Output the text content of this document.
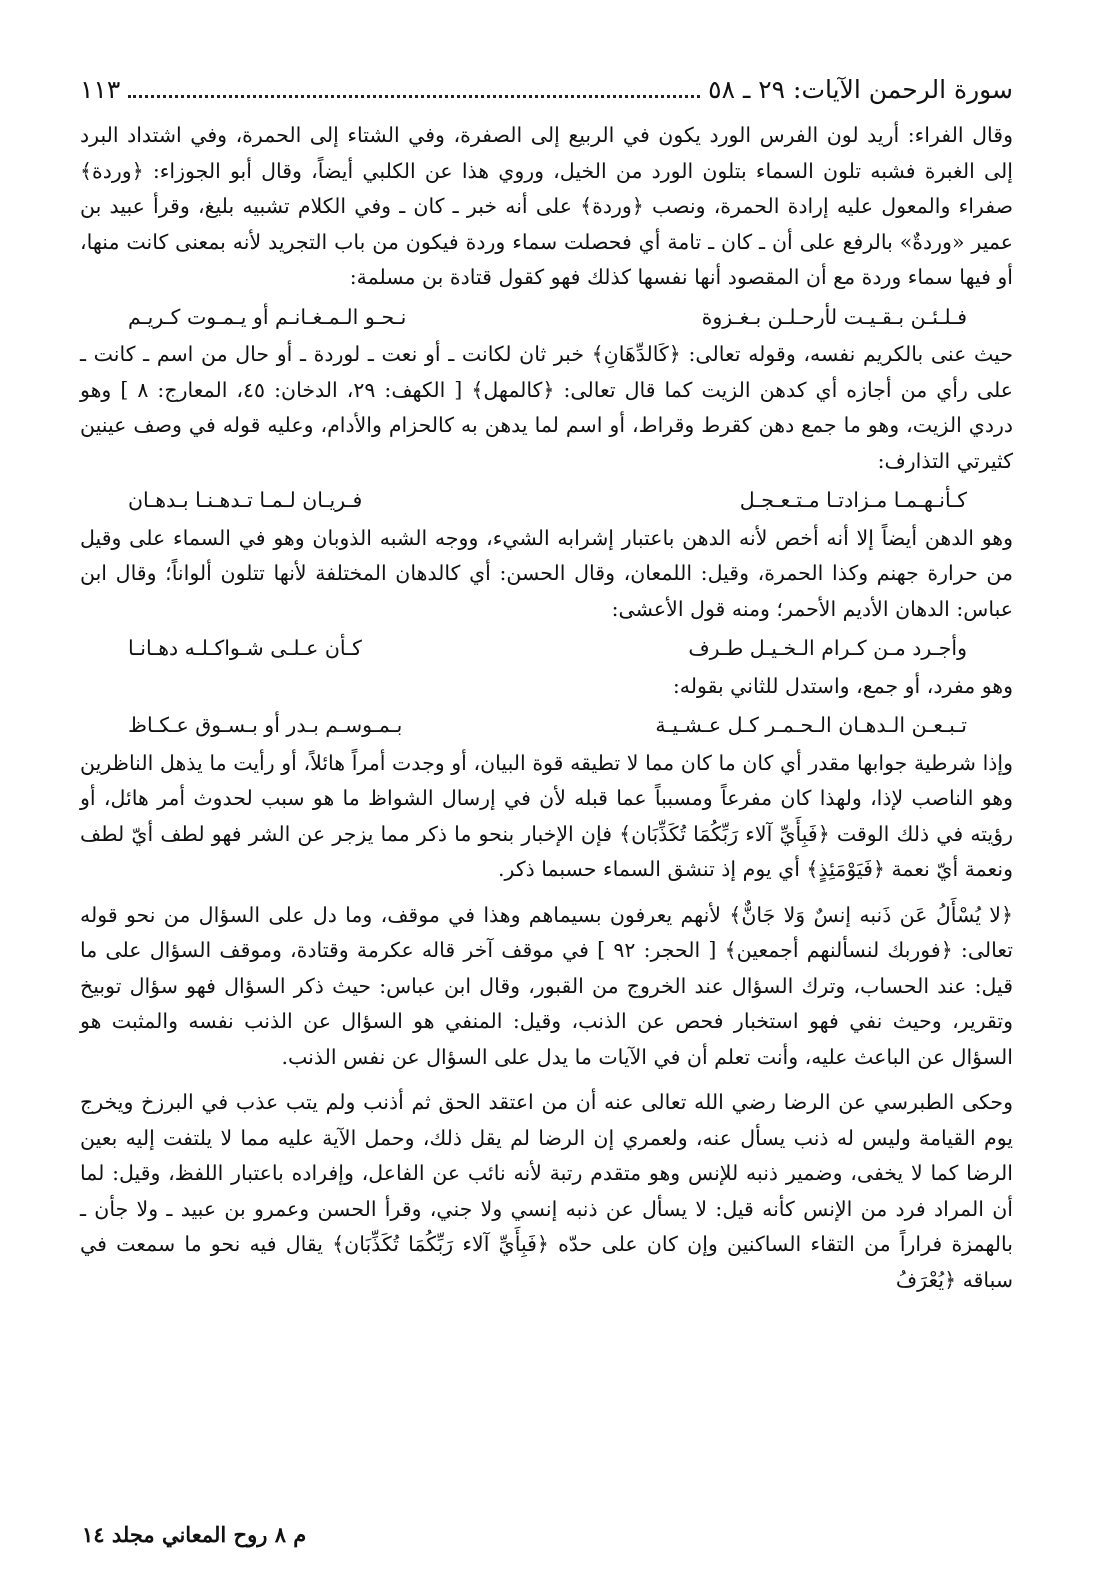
سورة الرحمن الآيات: ٢٩ ـ ٥٨
١١٣

وقال الفراء: أريد لون الفرس الورد يكون في الربيع إلى الصفرة، وفي الشتاء إلى الحمرة، وفي اشتداد البرد إلى الغبرة فشبه تلون السماء بتلون الورد من الخيل، وروي هذا عن الكلبي أيضاً، وقال أبو الجوزاء: ﴿وردة﴾ صفراء والمعول عليه إرادة الحمرة، ونصب ﴿وردة﴾ على أنه خبر ـ كان ـ وفي الكلام تشبيه بليغ، وقرأ عبيد بن عمير «وردةٌ» بالرفع على أن ـ كان ـ تامة أي فحصلت سماء وردة فيكون من باب التجريد لأنه بمعنى كانت منها، أو فيها سماء وردة مع أن المقصود أنها نفسها كذلك فهو كقول قتادة بن مسلمة:

فـلـئـن بـقـيـت لأرحـلـن بـغـزوة
نـحـو الـمـغـانـم أو يـمـوت كـريـم

حيث عنى بالكريم نفسه، وقوله تعالى: ﴿كَالدِّهَانِ﴾ خبر ثان لكانت ـ أو نعت ـ لوردة ـ أو حال من اسم ـ كانت ـ على رأي من أجازه أي كدهن الزيت كما قال تعالى: ﴿كالمهل﴾ [ الكهف: ٢٩، الدخان: ٤٥، المعارج: ٨ ] وهو دردي الزيت، وهو ما جمع دهن كقرط وقراط، أو اسم لما يدهن به كالحزام والأدام، وعليه قوله في وصف عينين كثيرتي التذارف:

كـأنـهـمـا مـزادتـا مـتـعـجـل
فـريـان لـمـا تـدهـنـا بـدهـان

وهو الدهن أيضاً إلا أنه أخص لأنه الدهن باعتبار إشرابه الشيء، ووجه الشبه الذوبان وهو في السماء على وقيل من حرارة جهنم وكذا الحمرة، وقيل: اللمعان، وقال الحسن: أي كالدهان المختلفة لأنها تتلون ألواناً؛ وقال ابن عباس: الدهان الأديم الأحمر؛ ومنه قول الأعشى:

وأجـرد مـن كـرام الـخـيـل طـرف
كـأن عـلـى شـواكـلـه دهـانـا

وهو مفرد، أو جمع، واستدل للثاني بقوله:

تـبـعـن الـدهـان الـحـمـر كـل عـشـيـة
بـمـوسـم بـدر أو بـسـوق عـكـاظ

وإذا شرطية جوابها مقدر أي كان ما كان مما لا تطيقه قوة البيان، أو وجدت أمراً هائلاً، أو رأيت ما يذهل الناظرين وهو الناصب لإذا، ولهذا كان مفرعاً ومسبباً عما قبله لأن في إرسال الشواظ ما هو سبب لحدوث أمر هائل، أو رؤيته في ذلك الوقت ﴿فَبِأَيِّ آلاء رَبِّكُمَا تُكَذِّبَان﴾ فإن الإخبار بنحو ما ذكر مما يزجر عن الشر فهو لطف أيّ لطف ونعمة أيّ نعمة ﴿فَيَوْمَئِذٍ﴾ أي يوم إذ تنشق السماء حسبما ذكر.

﴿لا يُسْأَلُ عَن ذَنبه إنسٌ وَلا جَانٌّ﴾ لأنهم يعرفون بسيماهم وهذا في موقف، وما دل على السؤال من نحو قوله تعالى: ﴿فوربك لنسألنهم أجمعين﴾ [ الحجر: ٩٢ ] في موقف آخر قاله عكرمة وقتادة، وموقف السؤال على ما قيل: عند الحساب، وترك السؤال عند الخروج من القبور، وقال ابن عباس: حيث ذكر السؤال فهو سؤال توبيخ وتقرير، وحيث نفي فهو استخبار فحص عن الذنب، وقيل: المنفي هو السؤال عن الذنب نفسه والمثبت هو السؤال عن الباعث عليه، وأنت تعلم أن في الآيات ما يدل على السؤال عن نفس الذنب.

وحكى الطبرسي عن الرضا رضي الله تعالى عنه أن من اعتقد الحق ثم أذنب ولم يتب عذب في البرزخ ويخرج يوم القيامة وليس له ذنب يسأل عنه، ولعمري إن الرضا لم يقل ذلك، وحمل الآية عليه مما لا يلتفت إليه بعين الرضا كما لا يخفى، وضمير ذنبه للإنس وهو متقدم رتبة لأنه نائب عن الفاعل، وإفراده باعتبار اللفظ، وقيل: لما أن المراد فرد من الإنس كأنه قيل: لا يسأل عن ذنبه إنسي ولا جني، وقرأ الحسن وعمرو بن عبيد ـ ولا جأن ـ بالهمزة فراراً من التقاء الساكنين وإن كان على حدّه ﴿فَبِأَيِّ آلاء رَبِّكُمَا تُكَذِّبَان﴾ يقال فيه نحو ما سمعت في سباقه ﴿يُعْرَفُ

م ٨ روح المعاني مجلد ١٤
